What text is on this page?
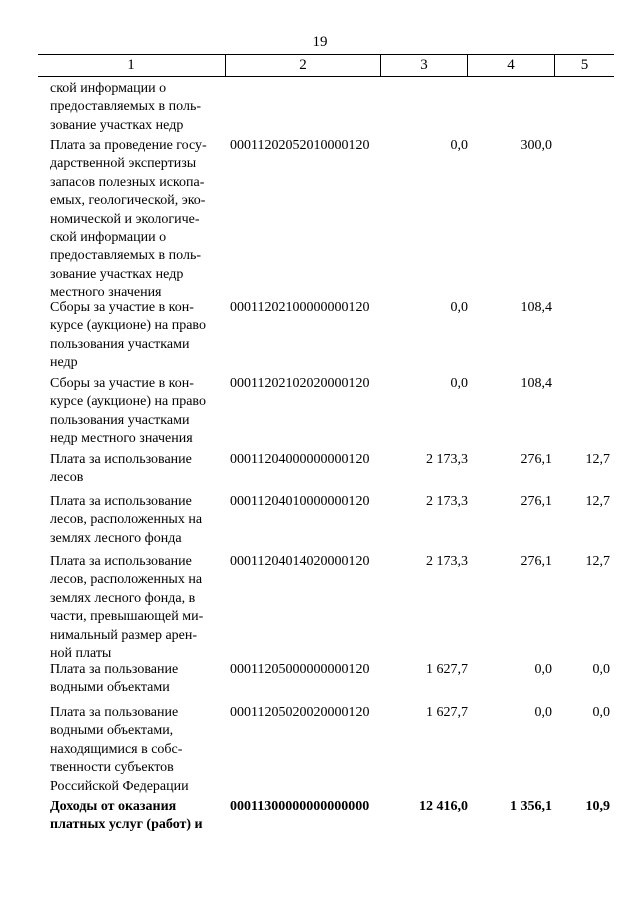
19
1	2	3	4	5
ской информации о
предоставляемых в поль-
зование участках недр
Плата за проведение госу-
дарственной экспертизы
запасов полезных ископа-
емых, геологической, эко-
номической и экологиче-
ской информации о
предоставляемых в поль-
зование участках недр
местного значения
00011202052010000120	0,0	300,0
Сборы за участие в кон-
курсе (аукционе) на право
пользования участками
недр
00011202100000000120	0,0	108,4
Сборы за участие в кон-
курсе (аукционе) на право
пользования участками
недр местного значения
00011202102020000120	0,0	108,4
Плата за использование
лесов
00011204000000000120	2 173,3	276,1	12,7
Плата за использование
лесов, расположенных на
землях лесного фонда
00011204010000000120	2 173,3	276,1	12,7
Плата за использование
лесов, расположенных на
землях лесного фонда, в
части, превышающей ми-
нимальный размер арен-
ной платы
00011204014020000120	2 173,3	276,1	12,7
Плата за пользование
водными объектами
00011205000000000120	1 627,7	0,0	0,0
Плата за пользование
водными объектами,
находящимися в собс-
твенности субъектов
Российской Федерации
00011205020020000120	1 627,7	0,0	0,0
Доходы от оказания
платных услуг (работ) и
00011300000000000000	12 416,0	1 356,1	10,9
